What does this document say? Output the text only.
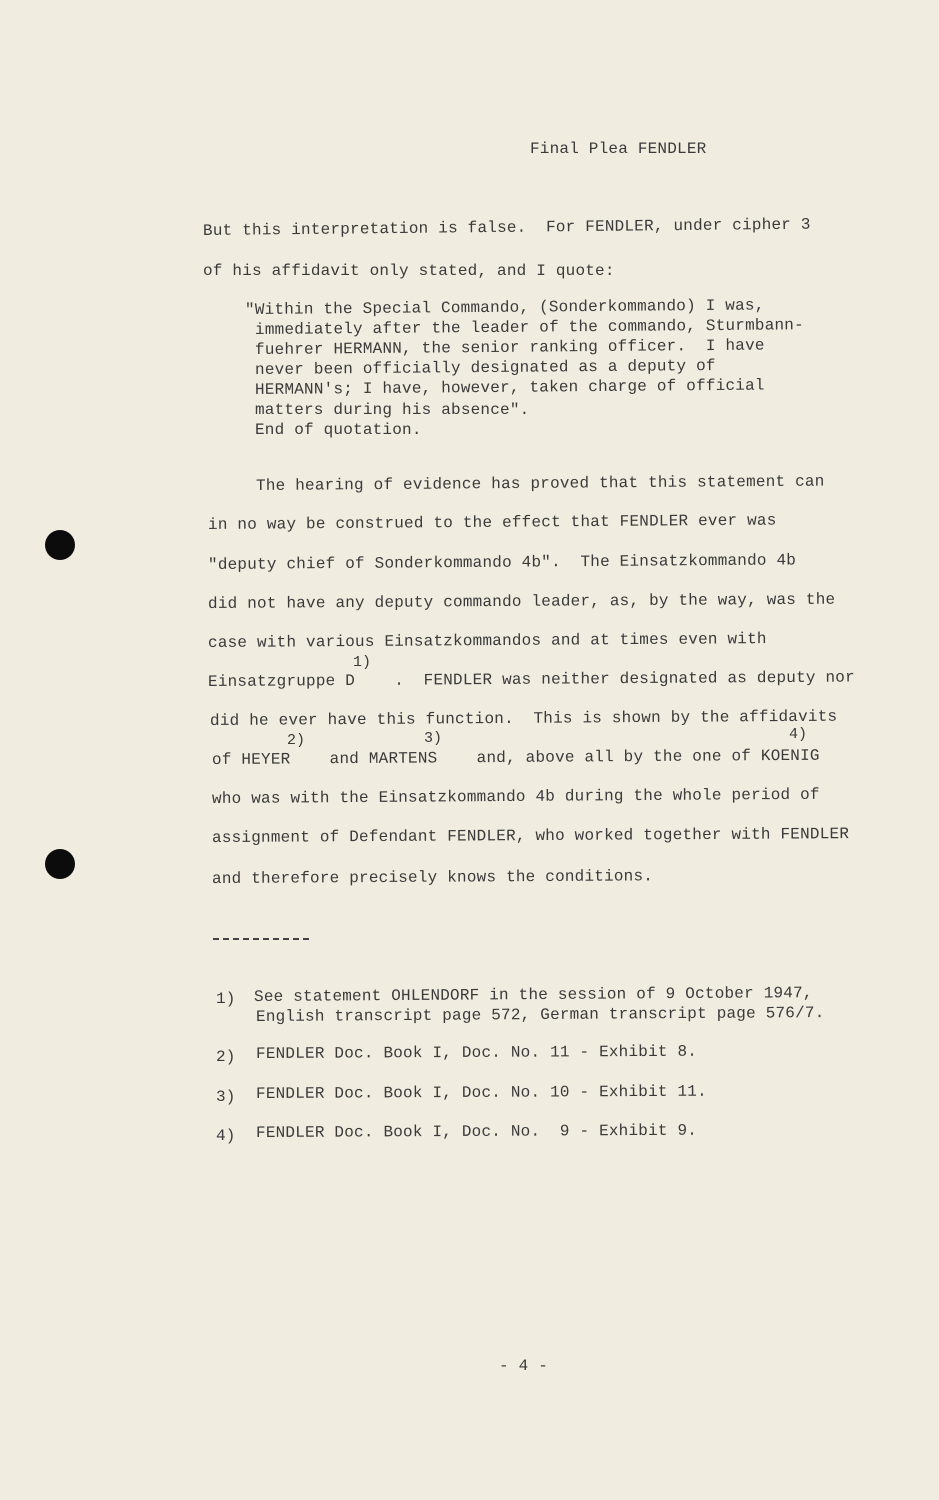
Final Plea FENDLER
But this interpretation is false.  For FENDLER, under cipher 3
of his affidavit only stated, and I quote:
"Within the Special Commando, (Sonderkommando) I was,
immediately after the leader of the commando, Sturmbann-
fuehrer HERMANN, the senior ranking officer.  I have
never been officially designated as a deputy of
HERMANN's; I have, however, taken charge of official
matters during his absence".
End of quotation.
The hearing of evidence has proved that this statement can
in no way be construed to the effect that FENDLER ever was
"deputy chief of Sonderkommando 4b".  The Einsatzkommando 4b
did not have any deputy commando leader, as, by the way, was the
case with various Einsatzkommandos and at times even with
1)
Einsatzgruppe D    .  FENDLER was neither designated as deputy nor
did he ever have this function.  This is shown by the affidavits
2)	3)	4)
of HEYER    and MARTENS    and, above all by the one of KOENIG
who was with the Einsatzkommando 4b during the whole period of
assignment of Defendant FENDLER, who worked together with FENDLER
and therefore precisely knows the conditions.
1) See statement OHLENDORF in the session of 9 October 1947,
English transcript page 572, German transcript page 576/7.
2) FENDLER Doc. Book I, Doc. No. 11 - Exhibit 8.
3) FENDLER Doc. Book I, Doc. No. 10 - Exhibit 11.
4) FENDLER Doc. Book I, Doc. No.  9 - Exhibit 9.
- 4 -
